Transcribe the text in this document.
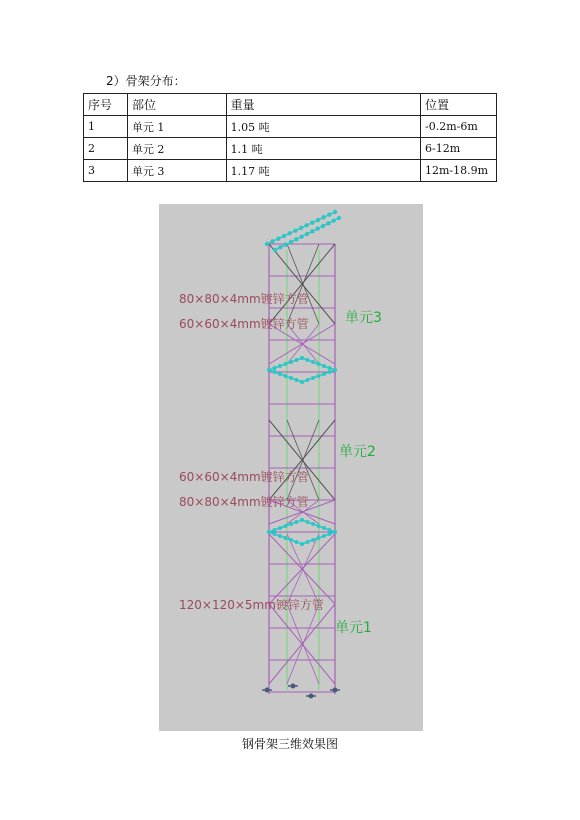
2）骨架分布：
序号	部位	重量	位置
1	单元 1	1.05 吨	-0.2m-6m
2	单元 2	1.1 吨	6-12m
3	单元 3	1.17 吨	12m-18.9m
80×80×4mm镀锌方管
60×60×4mm镀锌方管	单元3
单元2
60×60×4mm镀锌方管
80×80×4mm镀锌方管
120×120×5mm镀锌方管
单元1
钢骨架三维效果图
